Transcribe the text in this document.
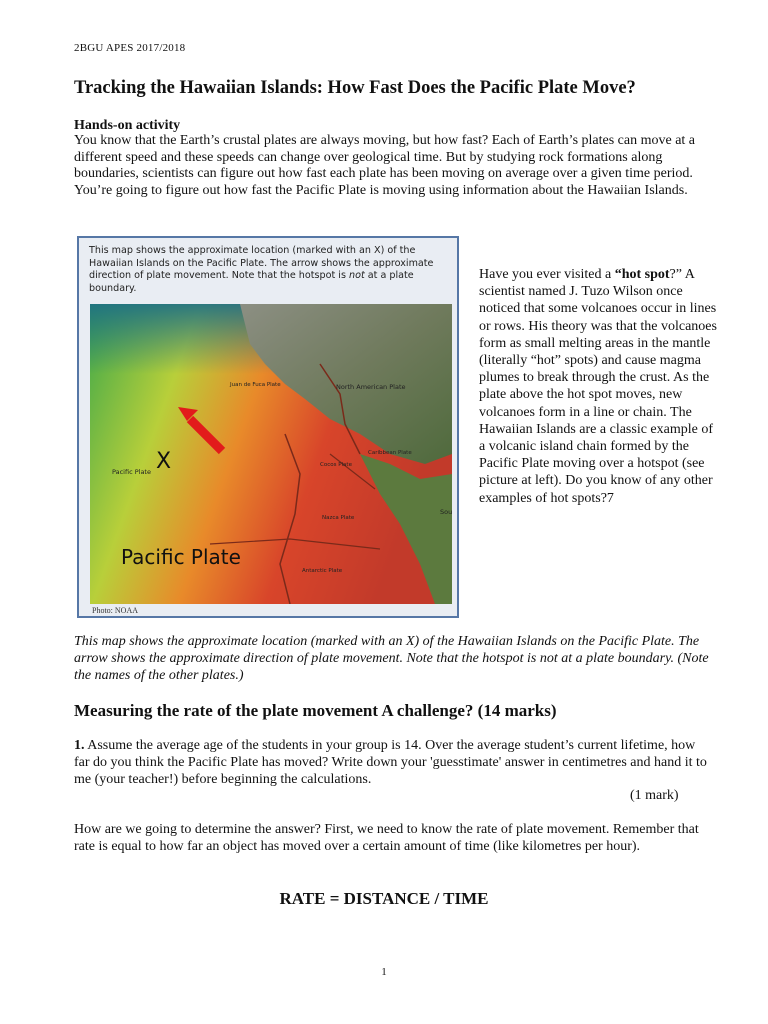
2BGU APES 2017/2018
Tracking the Hawaiian Islands: How Fast Does the Pacific Plate Move?
Hands-on activity
You know that the Earth’s crustal plates are always moving, but how fast? Each of Earth’s plates can move at a different speed and these speeds can change over geological time. But by studying rock formations along boundaries, scientists can figure out how fast each plate has been moving on average over a given time period. You’re going to figure out how fast the Pacific Plate is moving using information about the Hawaiian Islands.
This map shows the approximate location (marked with an X) of the Hawaiian Islands on the Pacific Plate. The arrow shows the approximate direction of plate movement. Note that the hotspot is not at a plate boundary.
X
Pacific Plate
Pacific Plate
North American Plate
Juan de Fuca Plate
Cocos Plate
Caribbean Plate
Nazca Plate
Antarctic Plate
Sou
Photo: NOAA
Have you ever visited a “hot spot?” A scientist named J. Tuzo Wilson once noticed that some volcanoes occur in lines or rows. His theory was that the volcanoes form as small melting areas in the mantle (literally “hot” spots) and cause magma plumes to break through the crust. As the plate above the hot spot moves, new volcanoes form in a line or chain. The Hawaiian Islands are a classic example of a volcanic island chain formed by the Pacific Plate moving over a hotspot (see picture at left). Do you know of any other examples of hot spots?7
This map shows the approximate location (marked with an X) of the Hawaiian Islands on the Pacific Plate. The arrow shows the approximate direction of plate movement. Note that the hotspot is not at a plate boundary. (Note the names of the other plates.)
Measuring the rate of the plate movement A challenge? (14 marks)
1. Assume the average age of the students in your group is 14. Over the average student’s current lifetime, how far do you think the Pacific Plate has moved? Write down your 'guesstimate' answer in centimetres and hand it to me (your teacher!) before beginning the calculations.
(1 mark)
How are we going to determine the answer? First, we need to know the rate of plate movement. Remember that rate is equal to how far an object has moved over a certain amount of time (like kilometres per hour).
RATE = DISTANCE / TIME
1
